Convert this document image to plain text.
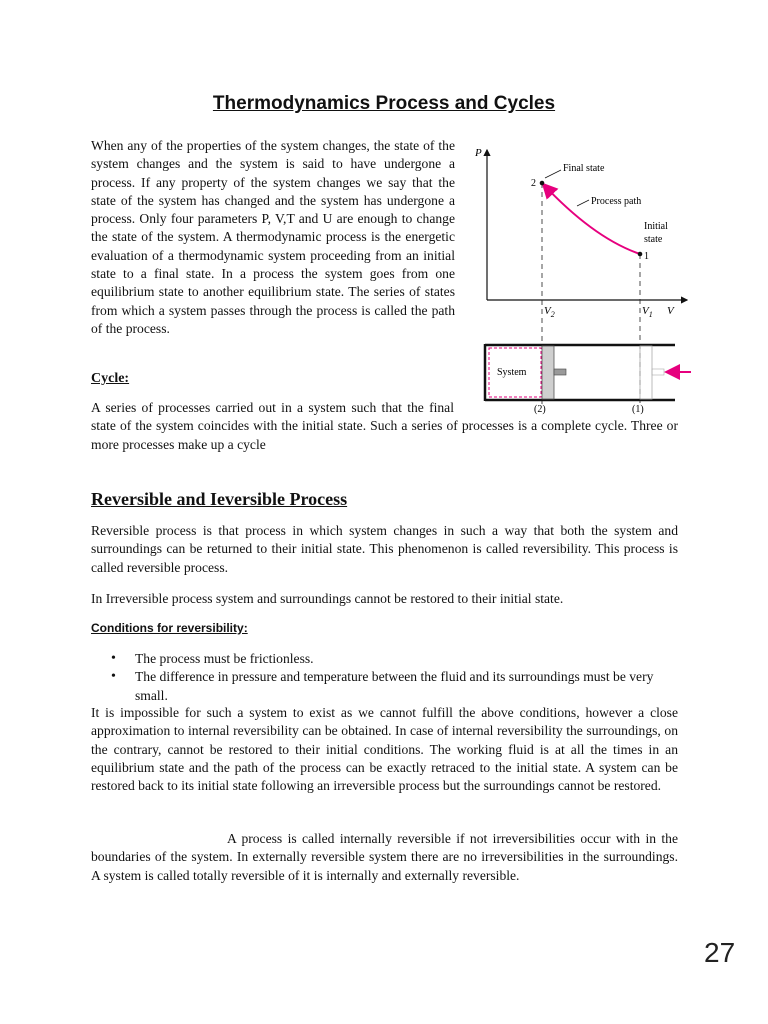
Thermodynamics Process and Cycles

When any of the properties of the system changes, the state of the system changes and the system is said to have undergone a process. If any property of the system changes we say that the state of the system has changed and the system has undergone a process. Only four parameters P, V,T and U are enough to change the state of the system. A thermodynamic process is the energetic evaluation of a thermodynamic system proceeding from an initial state to a final state. In a process the system goes from one equilibrium state to another equilibrium state. The series of states from which a system passes through the process is called the path of the process.

Cycle:

A series of processes carried out in a system such that the final state of the system coincides with the initial state. Such a series of processes is a complete cycle. Three or more processes make up a cycle

Reversible and Ieversible Process

Reversible process is that process in which system changes in such a way that both the system and surroundings can be returned to their initial state. This phenomenon is called reversibility. This process is called reversible process.

In Irreversible process system and surroundings cannot be restored to their initial state.

Conditions for reversibility:
• The process must be frictionless.
• The difference in pressure and temperature between the fluid and its surroundings must be very small.

It is impossible for such a system to exist as we cannot fulfill the above conditions, however a close approximation to internal reversibility can be obtained. In case of internal reversibility the surroundings, on the contrary, cannot be restored to their initial conditions. The working fluid is at all the times in an equilibrium state and the path of the process can be exactly retraced to the initial state. A system can be restored back to its initial state following an irreversible process but the surroundings cannot be restored.

A process is called internally reversible if not irreversibilities occur with in the boundaries of the system. In externally reversible system there are no irreversibilities in the surroundings. A system is called totally reversible of it is internally and externally reversible.

27
P
V
2
1
Final state
Process path
Initial
state
$V_2$	$V_1$
System
(2)	(1)
